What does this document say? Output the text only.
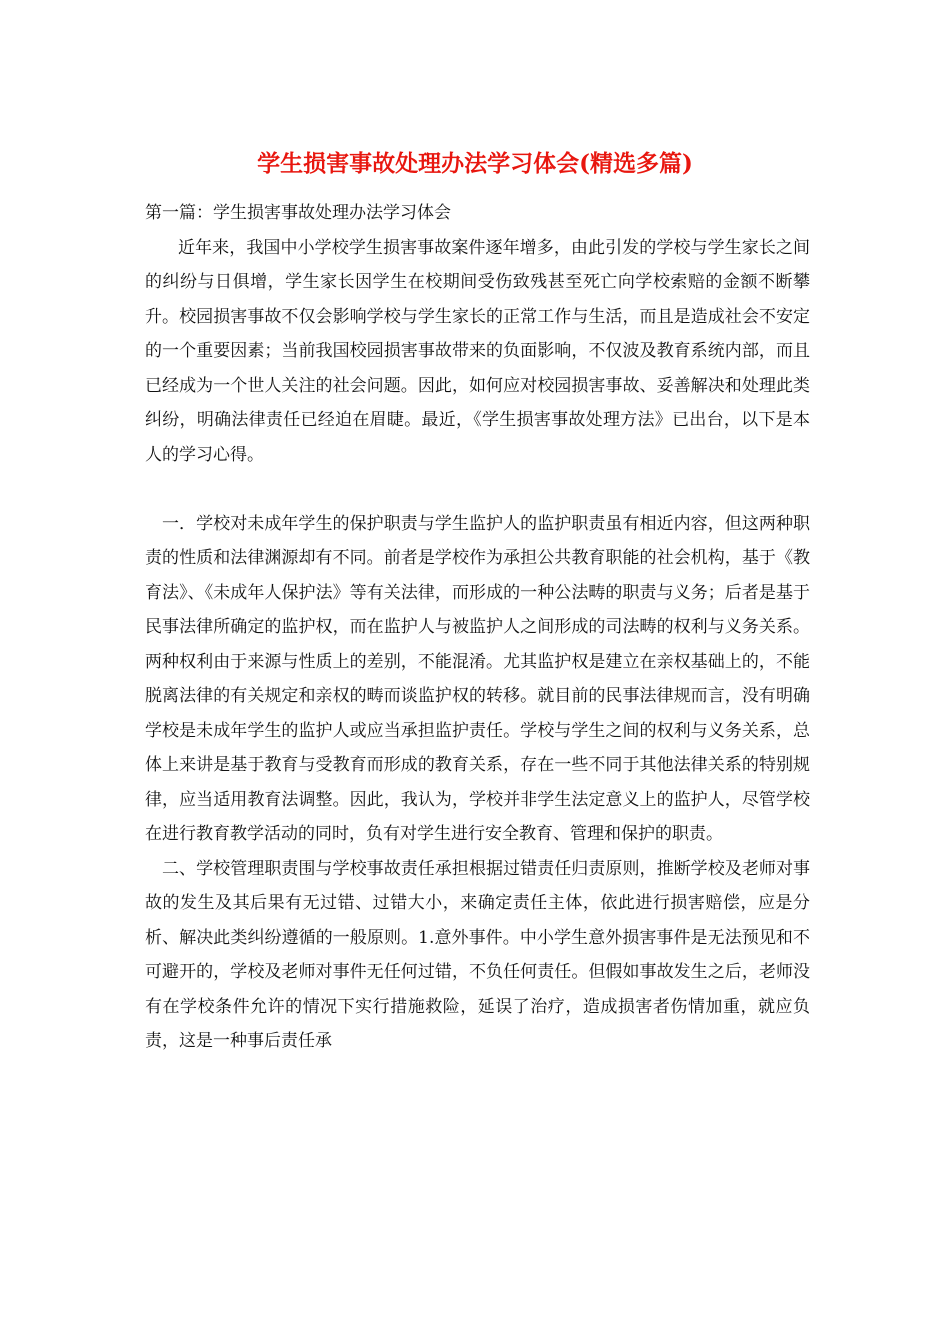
学生损害事故处理办法学习体会(精选多篇)

第一篇：学生损害事故处理办法学习体会

近年来，我国中小学校学生损害事故案件逐年增多，由此引发的学校与学生家长之间的纠纷与日俱增，学生家长因学生在校期间受伤致残甚至死亡向学校索赔的金额不断攀升。校园损害事故不仅会影响学校与学生家长的正常工作与生活，而且是造成社会不安定的一个重要因素；当前我国校园损害事故带来的负面影响，不仅波及教育系统内部，而且已经成为一个世人关注的社会问题。因此，如何应对校园损害事故、妥善解决和处理此类纠纷，明确法律责任已经迫在眉睫。最近，《学生损害事故处理方法》已出台，以下是本人的学习心得。

一．学校对未成年学生的保护职责与学生监护人的监护职责虽有相近内容，但这两种职责的性质和法律渊源却有不同。前者是学校作为承担公共教育职能的社会机构，基于《教育法》、《未成年人保护法》等有关法律，而形成的一种公法畴的职责与义务；后者是基于民事法律所确定的监护权，而在监护人与被监护人之间形成的司法畴的权利与义务关系。两种权利由于来源与性质上的差别，不能混淆。尤其监护权是建立在亲权基础上的，不能脱离法律的有关规定和亲权的畴而谈监护权的转移。就目前的民事法律规而言，没有明确学校是未成年学生的监护人或应当承担监护责任。学校与学生之间的权利与义务关系，总体上来讲是基于教育与受教育而形成的教育关系，存在一些不同于其他法律关系的特别规律，应当适用教育法调整。因此，我认为，学校并非学生法定意义上的监护人，尽管学校在进行教育教学活动的同时，负有对学生进行安全教育、管理和保护的职责。

二、学校管理职责围与学校事故责任承担根据过错责任归责原则，推断学校及老师对事故的发生及其后果有无过错、过错大小，来确定责任主体，依此进行损害赔偿，应是分析、解决此类纠纷遵循的一般原则。1.意外事件。中小学生意外损害事件是无法预见和不可避开的，学校及老师对事件无任何过错，不负任何责任。但假如事故发生之后，老师没有在学校条件允许的情况下实行措施救险，延误了治疗，造成损害者伤情加重，就应负责，这是一种事后责任承
